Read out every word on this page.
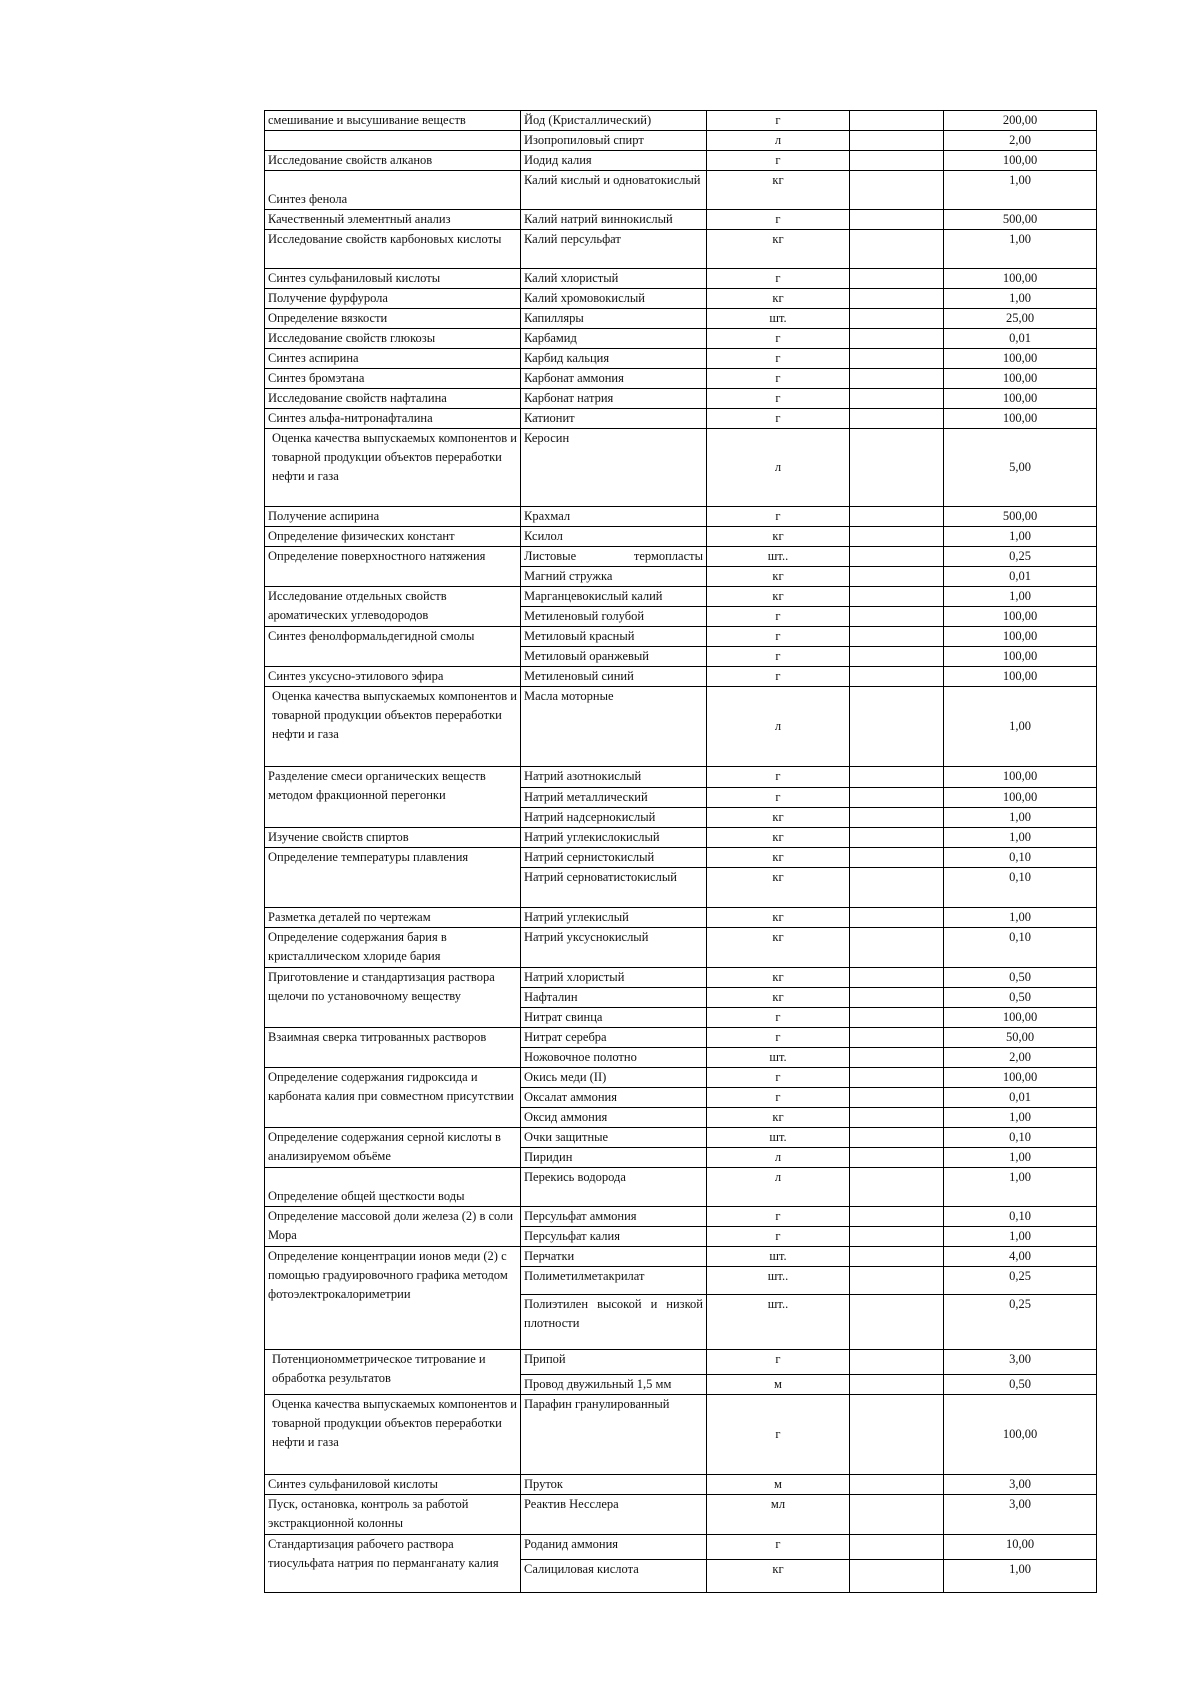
смешивание и высушивание веществ	Йод (Кристаллический)	г		200,00
	Изопропиловый спирт	л		2,00
Исследование свойств алканов	Иодид калия	г		100,00
Синтез фенола	Калий кислый и одноватокислый	кг		1,00
Качественный элементный анализ	Калий натрий виннокислый	г		500,00
Исследование свойств карбоновых кислоты	Калий персульфат	кг		1,00
Синтез сульфаниловый кислоты	Калий хлористый	г		100,00
Получение фурфурола	Калий хромовокислый	кг		1,00
Определение вязкости	Капилляры	шт.		25,00
Исследование свойств глюкозы	Карбамид	г		0,01
Синтез аспирина	Карбид кальция	г		100,00
Синтез бромэтана	Карбонат аммония	г		100,00
Исследование свойств нафталина	Карбонат натрия	г		100,00
Синтез альфа-нитронафталина	Катионит	г		100,00
Оценка качества выпускаемых компонентов и товарной продукции объектов переработки нефти и газа	Керосин	л		5,00
Получение аспирина	Крахмал	г		500,00
Определение физических констант	Ксилол	кг		1,00
Определение поверхностного натяжения	Листовые термопласты	шт..		0,25
	Магний стружка	кг		0,01
Исследование отдельных свойств ароматических углеводородов	Марганцевокислый калий	кг		1,00
	Метиленовый голубой	г		100,00
Синтез фенолформальдегидной смолы	Метиловый красный	г		100,00
	Метиловый оранжевый	г		100,00
Синтез уксусно-этилового эфира	Метиленовый синий	г		100,00
Оценка качества выпускаемых компонентов и товарной продукции объектов переработки нефти и газа	Масла моторные	л		1,00
Разделение смеси органических веществ методом фракционной перегонки	Натрий азотнокислый	г		100,00
	Натрий металлический	г		100,00
	Натрий надсернокислый	кг		1,00
Изучение свойств спиртов	Натрий углекислокислый	кг		1,00
Определение температуры плавления	Натрий сернистокислый	кг		0,10
	Натрий серноватистокислый	кг		0,10
Разметка деталей по чертежам	Натрий углекислый	кг		1,00
Определение содержания бария в кристаллическом хлориде бария	Натрий уксуснокислый	кг		0,10
Приготовление и стандартизация раствора щелочи по установочному веществу	Натрий хлористый	кг		0,50
	Нафталин	кг		0,50
	Нитрат свинца	г		100,00
Взаимная сверка титрованных растворов	Нитрат серебра	г		50,00
	Ножовочное полотно	шт.		2,00
Определение содержания гидроксида и карбоната калия при совместном присутствии	Окись меди (II)	г		100,00
	Оксалат аммония	г		0,01
	Оксид аммония	кг		1,00
Определение содержания серной кислоты в анализируемом объёме	Очки защитные	шт.		0,10
	Пиридин	л		1,00
Определение общей щесткости воды	Перекись водорода	л		1,00
Определение массовой доли железа (2) в соли Мора	Персульфат аммония	г		0,10
	Персульфат калия	г		1,00
Определение концентрации ионов меди (2) с помощью градуировочного графика методом фотоэлектрокалориметрии	Перчатки	шт.		4,00
	Полиметилметакрилат	шт..		0,25
	Полиэтилен высокой и низкой плотности	шт..		0,25
Потенциономметрическое титрование и обработка результатов	Припой	г		3,00
	Провод двужильный 1,5 мм	м		0,50
Оценка качества выпускаемых компонентов и товарной продукции объектов переработки нефти и газа	Парафин гранулированный	г		100,00
Синтез сульфаниловой кислоты	Пруток	м		3,00
Пуск, остановка, контроль за работой экстракционной колонны	Реактив Несслера	мл		3,00
Стандартизация рабочего раствора тиосульфата натрия по перманганату калия	Роданид аммония	г		10,00
	Салициловая кислота	кг		1,00
